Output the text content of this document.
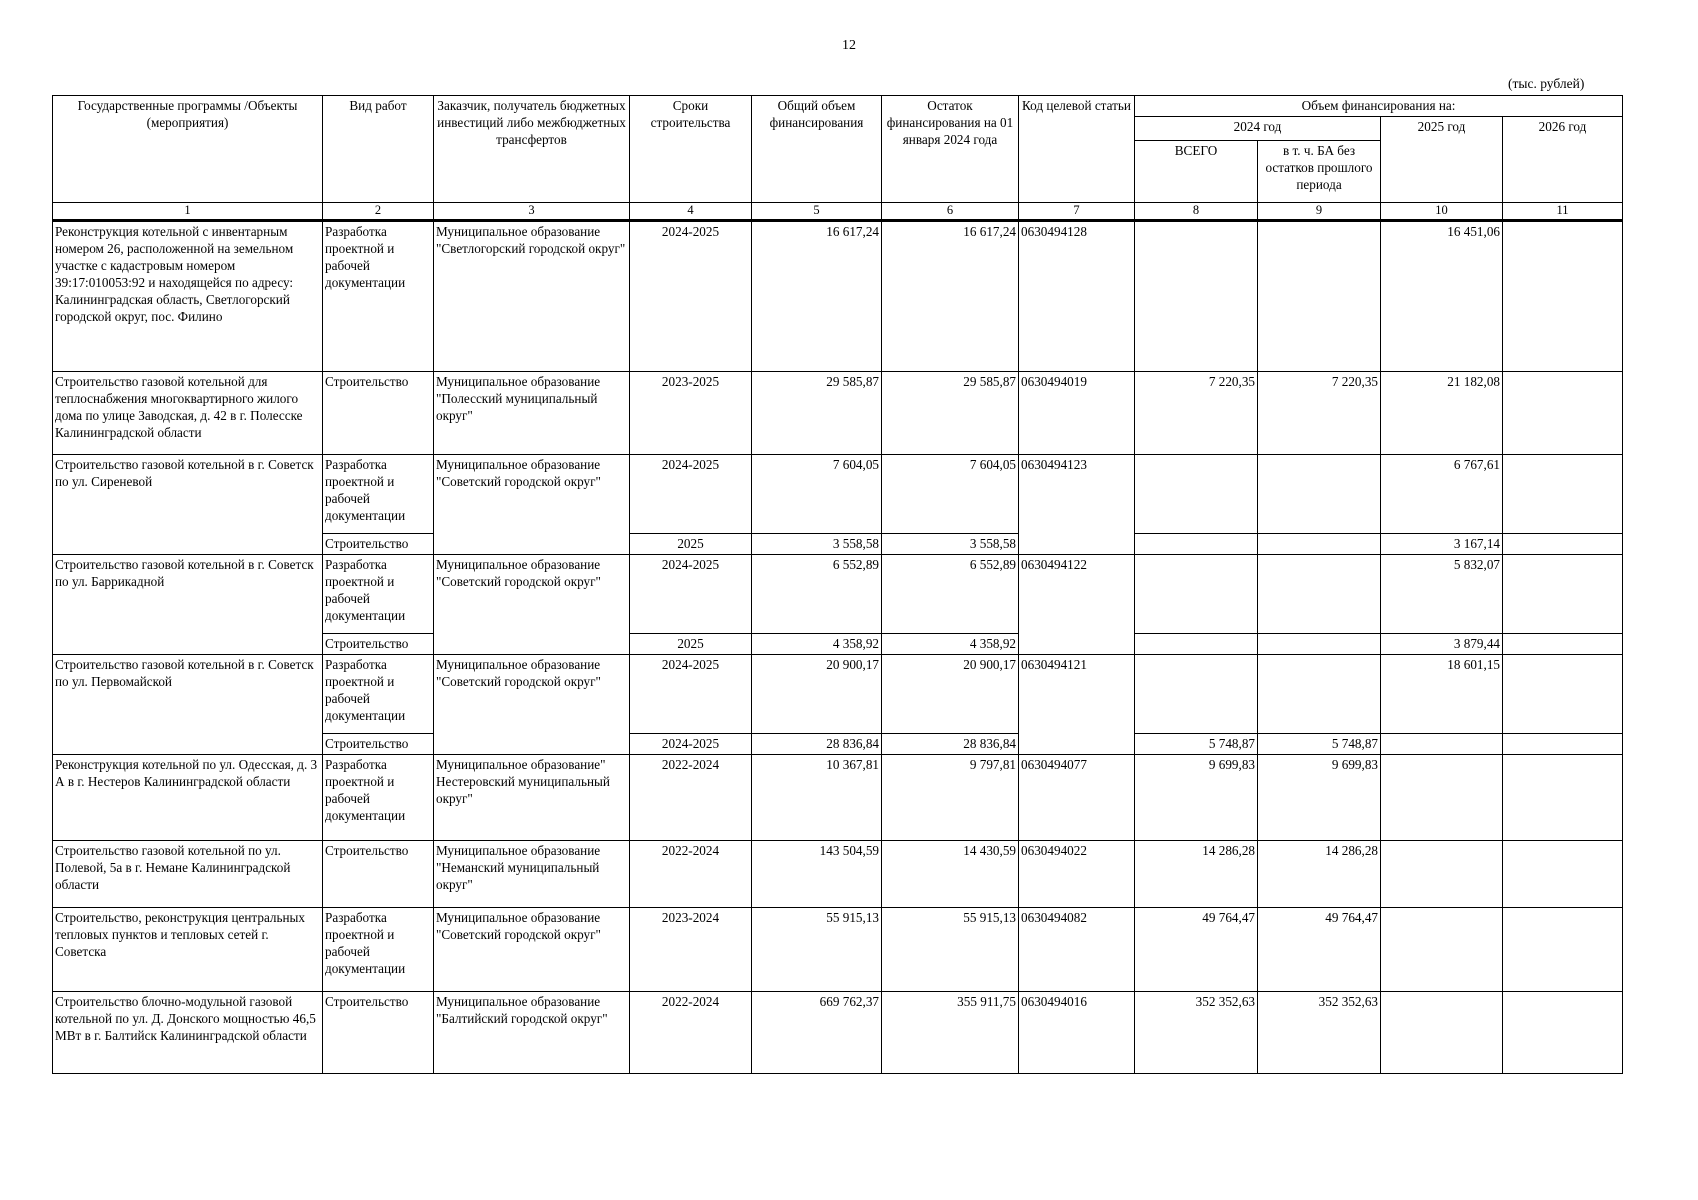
12
(тыс. рублей)
Государственные программы /Объекты (мероприятия)	Вид работ	Заказчик, получатель бюджетных инвестиций либо межбюджетных трансфертов	Сроки строительства	Общий объем финансирования	Остаток финансирования на 01 января 2024 года	Код целевой статьи	Объем финансирования на:			
							2024 год		2025 год	2026 год
							ВСЕГО	в т. ч. БА без остатков прошлого периода		
1	2	3	4	5	6	7	8	9	10	11
Реконструкция котельной с инвентарным номером 26, расположенной на земельном участке с кадастровым номером 39:17:010053:92 и находящейся по адресу: Калининградская область, Светлогорский городской округ, пос. Филино	Разработка проектной и рабочей документации	Муниципальное образование "Светлогорский городской округ"	2024-2025	16 617,24	16 617,24	0630494128			16 451,06	
Строительство газовой котельной для теплоснабжения многоквартирного жилого дома по улице Заводская, д. 42 в г. Полесске Калининградской области	Строительство	Муниципальное образование "Полесский муниципальный округ"	2023-2025	29 585,87	29 585,87	0630494019	7 220,35	7 220,35	21 182,08	
Строительство газовой котельной в г. Советск по ул. Сиреневой	Разработка проектной и рабочей документации	Муниципальное образование "Советский городской округ"	2024-2025	7 604,05	7 604,05	0630494123			6 767,61	
	Строительство		2025	3 558,58	3 558,58				3 167,14	
Строительство газовой котельной в г. Советск по ул. Баррикадной	Разработка проектной и рабочей документации	Муниципальное образование "Советский городской округ"	2024-2025	6 552,89	6 552,89	0630494122			5 832,07	
	Строительство		2025	4 358,92	4 358,92				3 879,44	
Строительство газовой котельной в г. Советск по ул. Первомайской	Разработка проектной и рабочей документации	Муниципальное образование "Советский городской округ"	2024-2025	20 900,17	20 900,17	0630494121			18 601,15	
	Строительство		2024-2025	28 836,84	28 836,84		5 748,87	5 748,87		
Реконструкция котельной по ул. Одесская, д. 3 А в г. Нестеров Калининградской области	Разработка проектной и рабочей документации	Муниципальное образование" Нестеровский муниципальный округ"	2022-2024	10 367,81	9 797,81	0630494077	9 699,83	9 699,83		
Строительство газовой котельной по ул. Полевой, 5а в г. Немане Калининградской области	Строительство	Муниципальное образование "Неманский муниципальный округ"	2022-2024	143 504,59	14 430,59	0630494022	14 286,28	14 286,28		
Строительство, реконструкция центральных тепловых пунктов и тепловых сетей г. Советска	Разработка проектной и рабочей документации	Муниципальное образование "Советский городской округ"	2023-2024	55 915,13	55 915,13	0630494082	49 764,47	49 764,47		
Строительство блочно-модульной газовой котельной по ул. Д. Донского мощностью 46,5 МВт в г. Балтийск Калининградской области	Строительство	Муниципальное образование "Балтийский городской округ"	2022-2024	669 762,37	355 911,75	0630494016	352 352,63	352 352,63		
